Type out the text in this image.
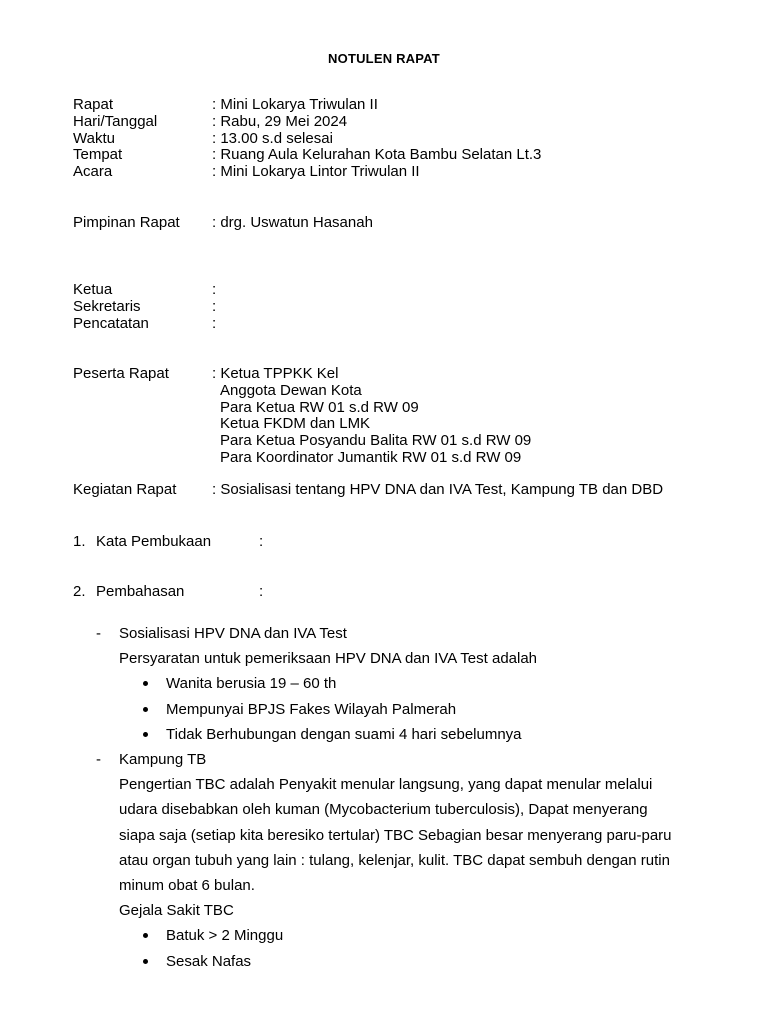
NOTULEN RAPAT
Rapat	: Mini Lokarya Triwulan II
Hari/Tanggal	: Rabu, 29 Mei 2024
Waktu	: 13.00 s.d selesai
Tempat	: Ruang Aula Kelurahan Kota Bambu Selatan Lt.3
Acara	: Mini Lokarya Lintor Triwulan II
Pimpinan Rapat	: drg. Uswatun Hasanah
Ketua	:
Sekretaris	:
Pencatatan	:
Peserta Rapat	: Ketua TPPKK Kel
Anggota Dewan Kota
Para Ketua RW 01 s.d RW 09
Ketua FKDM dan LMK
Para Ketua Posyandu Balita RW 01 s.d RW 09
Para Koordinator Jumantik RW 01 s.d RW 09
Kegiatan Rapat	: Sosialisasi tentang HPV DNA dan IVA Test, Kampung TB dan DBD
1. Kata Pembukaan	:
2. Pembahasan	:
-	Sosialisasi HPV DNA dan IVA Test
Persyaratan untuk pemeriksaan HPV DNA dan IVA Test adalah
Wanita berusia 19 – 60 th
Mempunyai BPJS Fakes Wilayah Palmerah
Tidak Berhubungan dengan suami 4 hari sebelumnya
-	Kampung TB
Pengertian TBC adalah Penyakit menular langsung, yang dapat menular melalui
udara disebabkan oleh kuman (Mycobacterium tuberculosis), Dapat menyerang
siapa saja (setiap kita beresiko tertular) TBC Sebagian besar menyerang paru-paru
atau organ tubuh yang lain : tulang, kelenjar, kulit. TBC dapat sembuh dengan rutin
minum obat 6 bulan.
Gejala Sakit TBC
Batuk > 2 Minggu
Sesak Nafas
